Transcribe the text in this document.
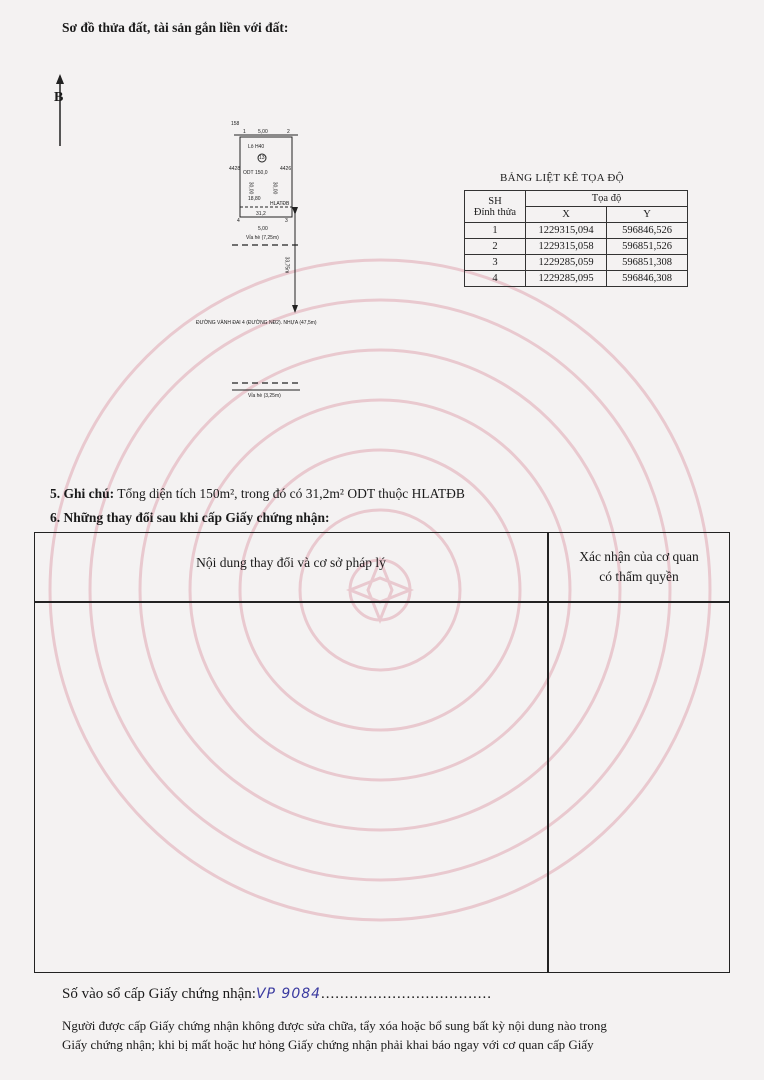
Sơ đồ thửa đất, tài sản gắn liền với đất:
B
158
1 5,00	2
Lô H40
13
4428
ODT 150,0
4426
30,00	30,00
18,80
HLATĐB
31,2
4	3
5,00
Vỉa hè (7,25m)
33,75m
ĐƯỜNG VÀNH ĐAI 4 (ĐƯỜNG NĐ2). NHỰA (47,5m)
Vỉa hè (3,25m)
BẢNG LIỆT KÊ TỌA ĐỘ
SH
Đỉnh thửa	Tọa độ	
	X	Y
1	1229315,094	596846,526
2	1229315,058	596851,526
3	1229285,059	596851,308
4	1229285,095	596846,308
5. Ghi chú: Tổng diện tích 150m², trong đó có 31,2m² ODT thuộc HLATĐB
6. Những thay đổi sau khi cấp Giấy chứng nhận:
Nội dung thay đổi và cơ sở pháp lý	Xác nhận của cơ quan
có thẩm quyền
Số vào sổ cấp Giấy chứng nhận:VP 9084....................................
Người được cấp Giấy chứng nhận không được sửa chữa, tẩy xóa hoặc bổ sung bất kỳ nội dung nào trong
Giấy chứng nhận; khi bị mất hoặc hư hỏng Giấy chứng nhận phải khai báo ngay với cơ quan cấp Giấy
